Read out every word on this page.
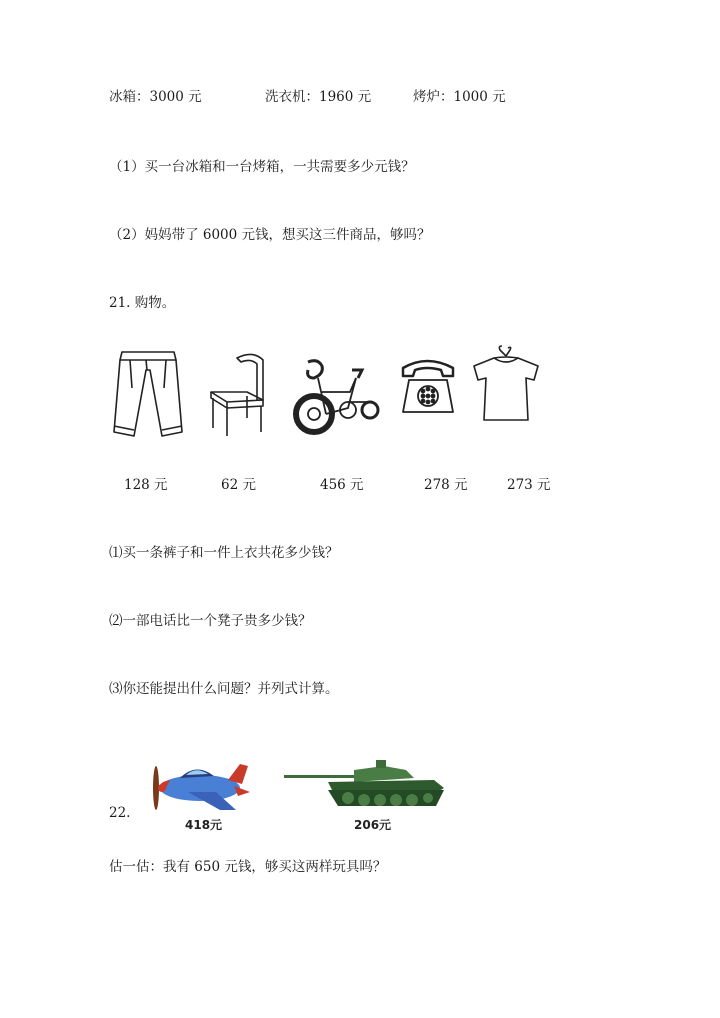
冰箱：3000 元	洗衣机：1960 元	烤炉：1000 元
（1）买一台冰箱和一台烤箱，一共需要多少元钱？
（2）妈妈带了 6000 元钱，想买这三件商品，够吗？
21. 购物。
128 元	62 元	456 元	278 元	273 元
⑴买一条裤子和一件上衣共花多少钱？
⑵一部电话比一个凳子贵多少钱？
⑶你还能提出什么问题？并列式计算。
22.
418元	206元
估一估：我有 650 元钱，够买这两样玩具吗？
